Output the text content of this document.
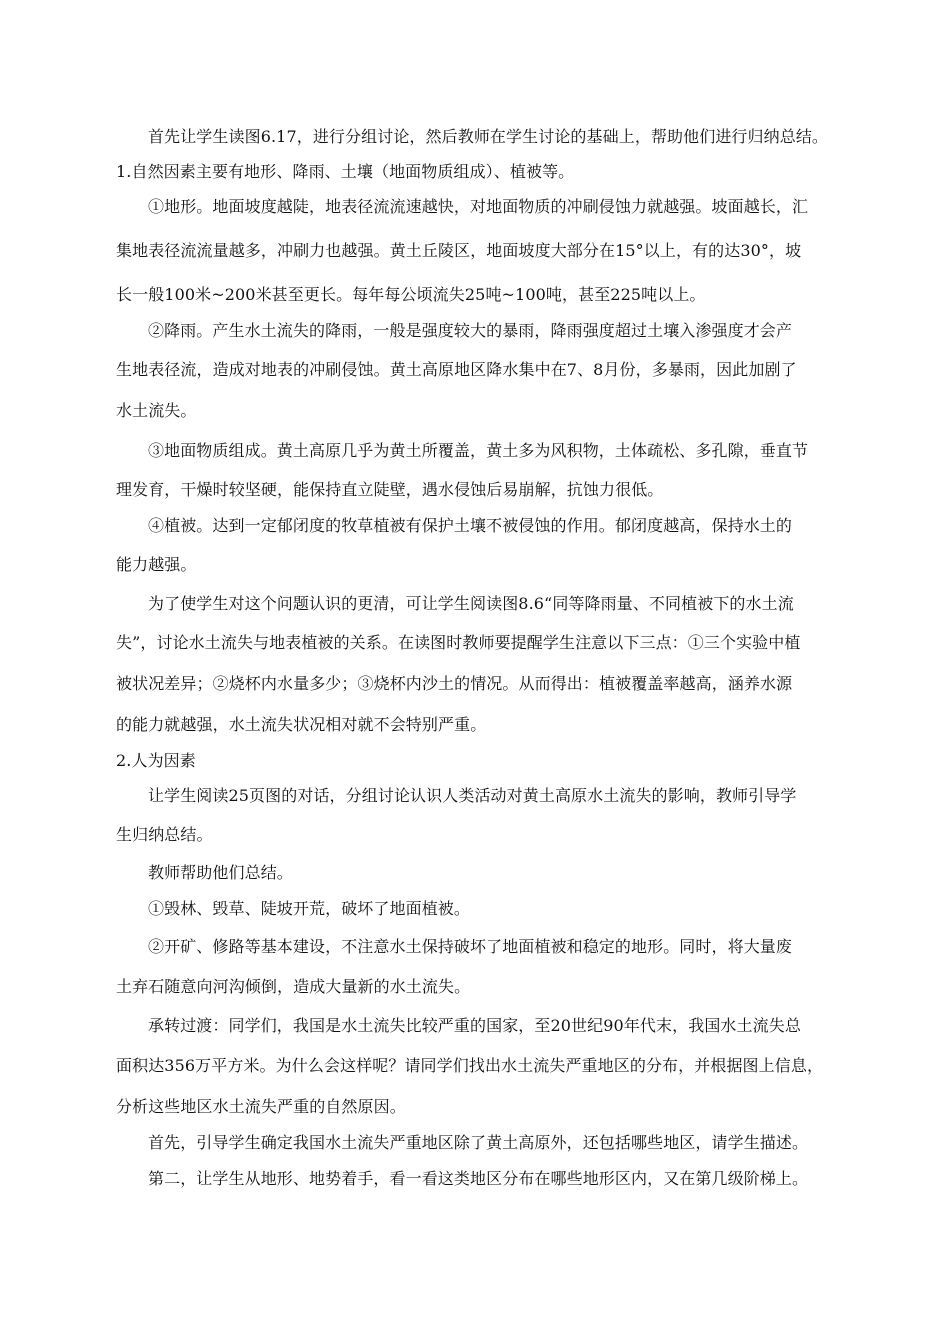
首先让学生读图6.17，进行分组讨论，然后教师在学生讨论的基础上，帮助他们进行归纳总结。

1.自然因素主要有地形、降雨、土壤（地面物质组成）、植被等。

①地形。地面坡度越陡，地表径流流速越快，对地面物质的冲刷侵蚀力就越强。坡面越长，汇

集地表径流流量越多，冲刷力也越强。黄土丘陵区，地面坡度大部分在15°以上，有的达30°，坡

长一般100米~200米甚至更长。每年每公顷流失25吨~100吨，甚至225吨以上。

②降雨。产生水土流失的降雨，一般是强度较大的暴雨，降雨强度超过土壤入渗强度才会产

生地表径流，造成对地表的冲刷侵蚀。黄土高原地区降水集中在7、8月份，多暴雨，因此加剧了

水土流失。

③地面物质组成。黄土高原几乎为黄土所覆盖，黄土多为风积物，土体疏松、多孔隙，垂直节

理发育，干燥时较坚硬，能保持直立陡壁，遇水侵蚀后易崩解，抗蚀力很低。

④植被。达到一定郁闭度的牧草植被有保护土壤不被侵蚀的作用。郁闭度越高，保持水土的

能力越强。

为了使学生对这个问题认识的更清，可让学生阅读图8.6“同等降雨量、不同植被下的水土流

失”，讨论水土流失与地表植被的关系。在读图时教师要提醒学生注意以下三点：①三个实验中植

被状况差异；②烧杯内水量多少；③烧杯内沙土的情况。从而得出：植被覆盖率越高，涵养水源

的能力就越强，水土流失状况相对就不会特别严重。

2.人为因素

让学生阅读25页图的对话，分组讨论认识人类活动对黄土高原水土流失的影响，教师引导学

生归纳总结。

教师帮助他们总结。

①毁林、毁草、陡坡开荒，破坏了地面植被。

②开矿、修路等基本建设，不注意水土保持破坏了地面植被和稳定的地形。同时，将大量废

土弃石随意向河沟倾倒，造成大量新的水土流失。

承转过渡：同学们，我国是水土流失比较严重的国家，至20世纪90年代末，我国水土流失总

面积达356万平方米。为什么会这样呢？请同学们找出水土流失严重地区的分布，并根据图上信息，

分析这些地区水土流失严重的自然原因。

首先，引导学生确定我国水土流失严重地区除了黄土高原外，还包括哪些地区，请学生描述。

第二，让学生从地形、地势着手，看一看这类地区分布在哪些地形区内，又在第几级阶梯上。
